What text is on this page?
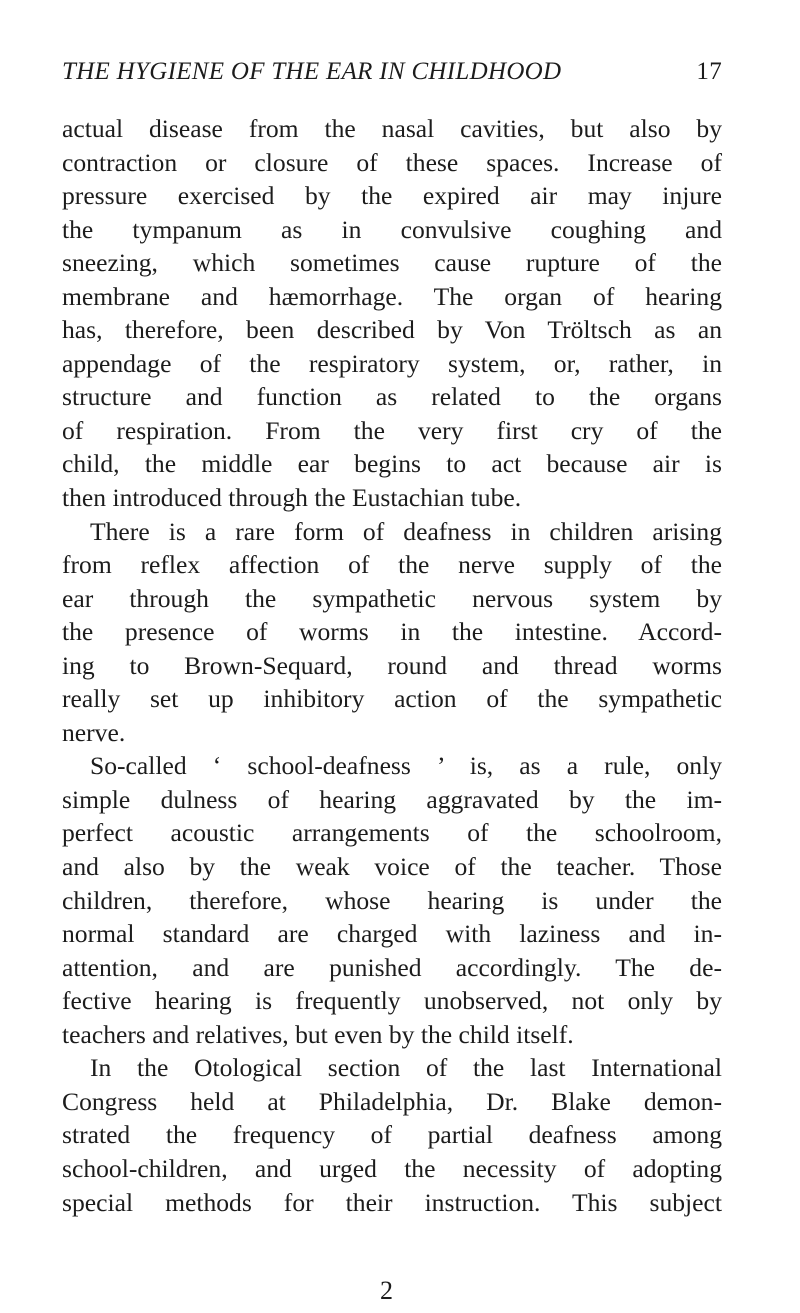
THE HYGIENE OF THE EAR IN CHILDHOOD	17
actual disease from the nasal cavities, but also by
contraction or closure of these spaces. Increase of
pressure exercised by the expired air may injure
the tympanum as in convulsive coughing and
sneezing, which sometimes cause rupture of the
membrane and hæmorrhage. The organ of hearing
has, therefore, been described by Von Tröltsch as an
appendage of the respiratory system, or, rather, in
structure and function as related to the organs
of respiration. From the very first cry of the
child, the middle ear begins to act because air is
then introduced through the Eustachian tube.
There is a rare form of deafness in children arising
from reflex affection of the nerve supply of the
ear through the sympathetic nervous system by
the presence of worms in the intestine. Accord-
ing to Brown-Sequard, round and thread worms
really set up inhibitory action of the sympathetic
nerve.
So-called ‘ school-deafness ’ is, as a rule, only
simple dulness of hearing aggravated by the im-
perfect acoustic arrangements of the schoolroom,
and also by the weak voice of the teacher. Those
children, therefore, whose hearing is under the
normal standard are charged with laziness and in-
attention, and are punished accordingly. The de-
fective hearing is frequently unobserved, not only by
teachers and relatives, but even by the child itself.
In the Otological section of the last International
Congress held at Philadelphia, Dr. Blake demon-
strated the frequency of partial deafness among
school-children, and urged the necessity of adopting
special methods for their instruction. This subject
2
